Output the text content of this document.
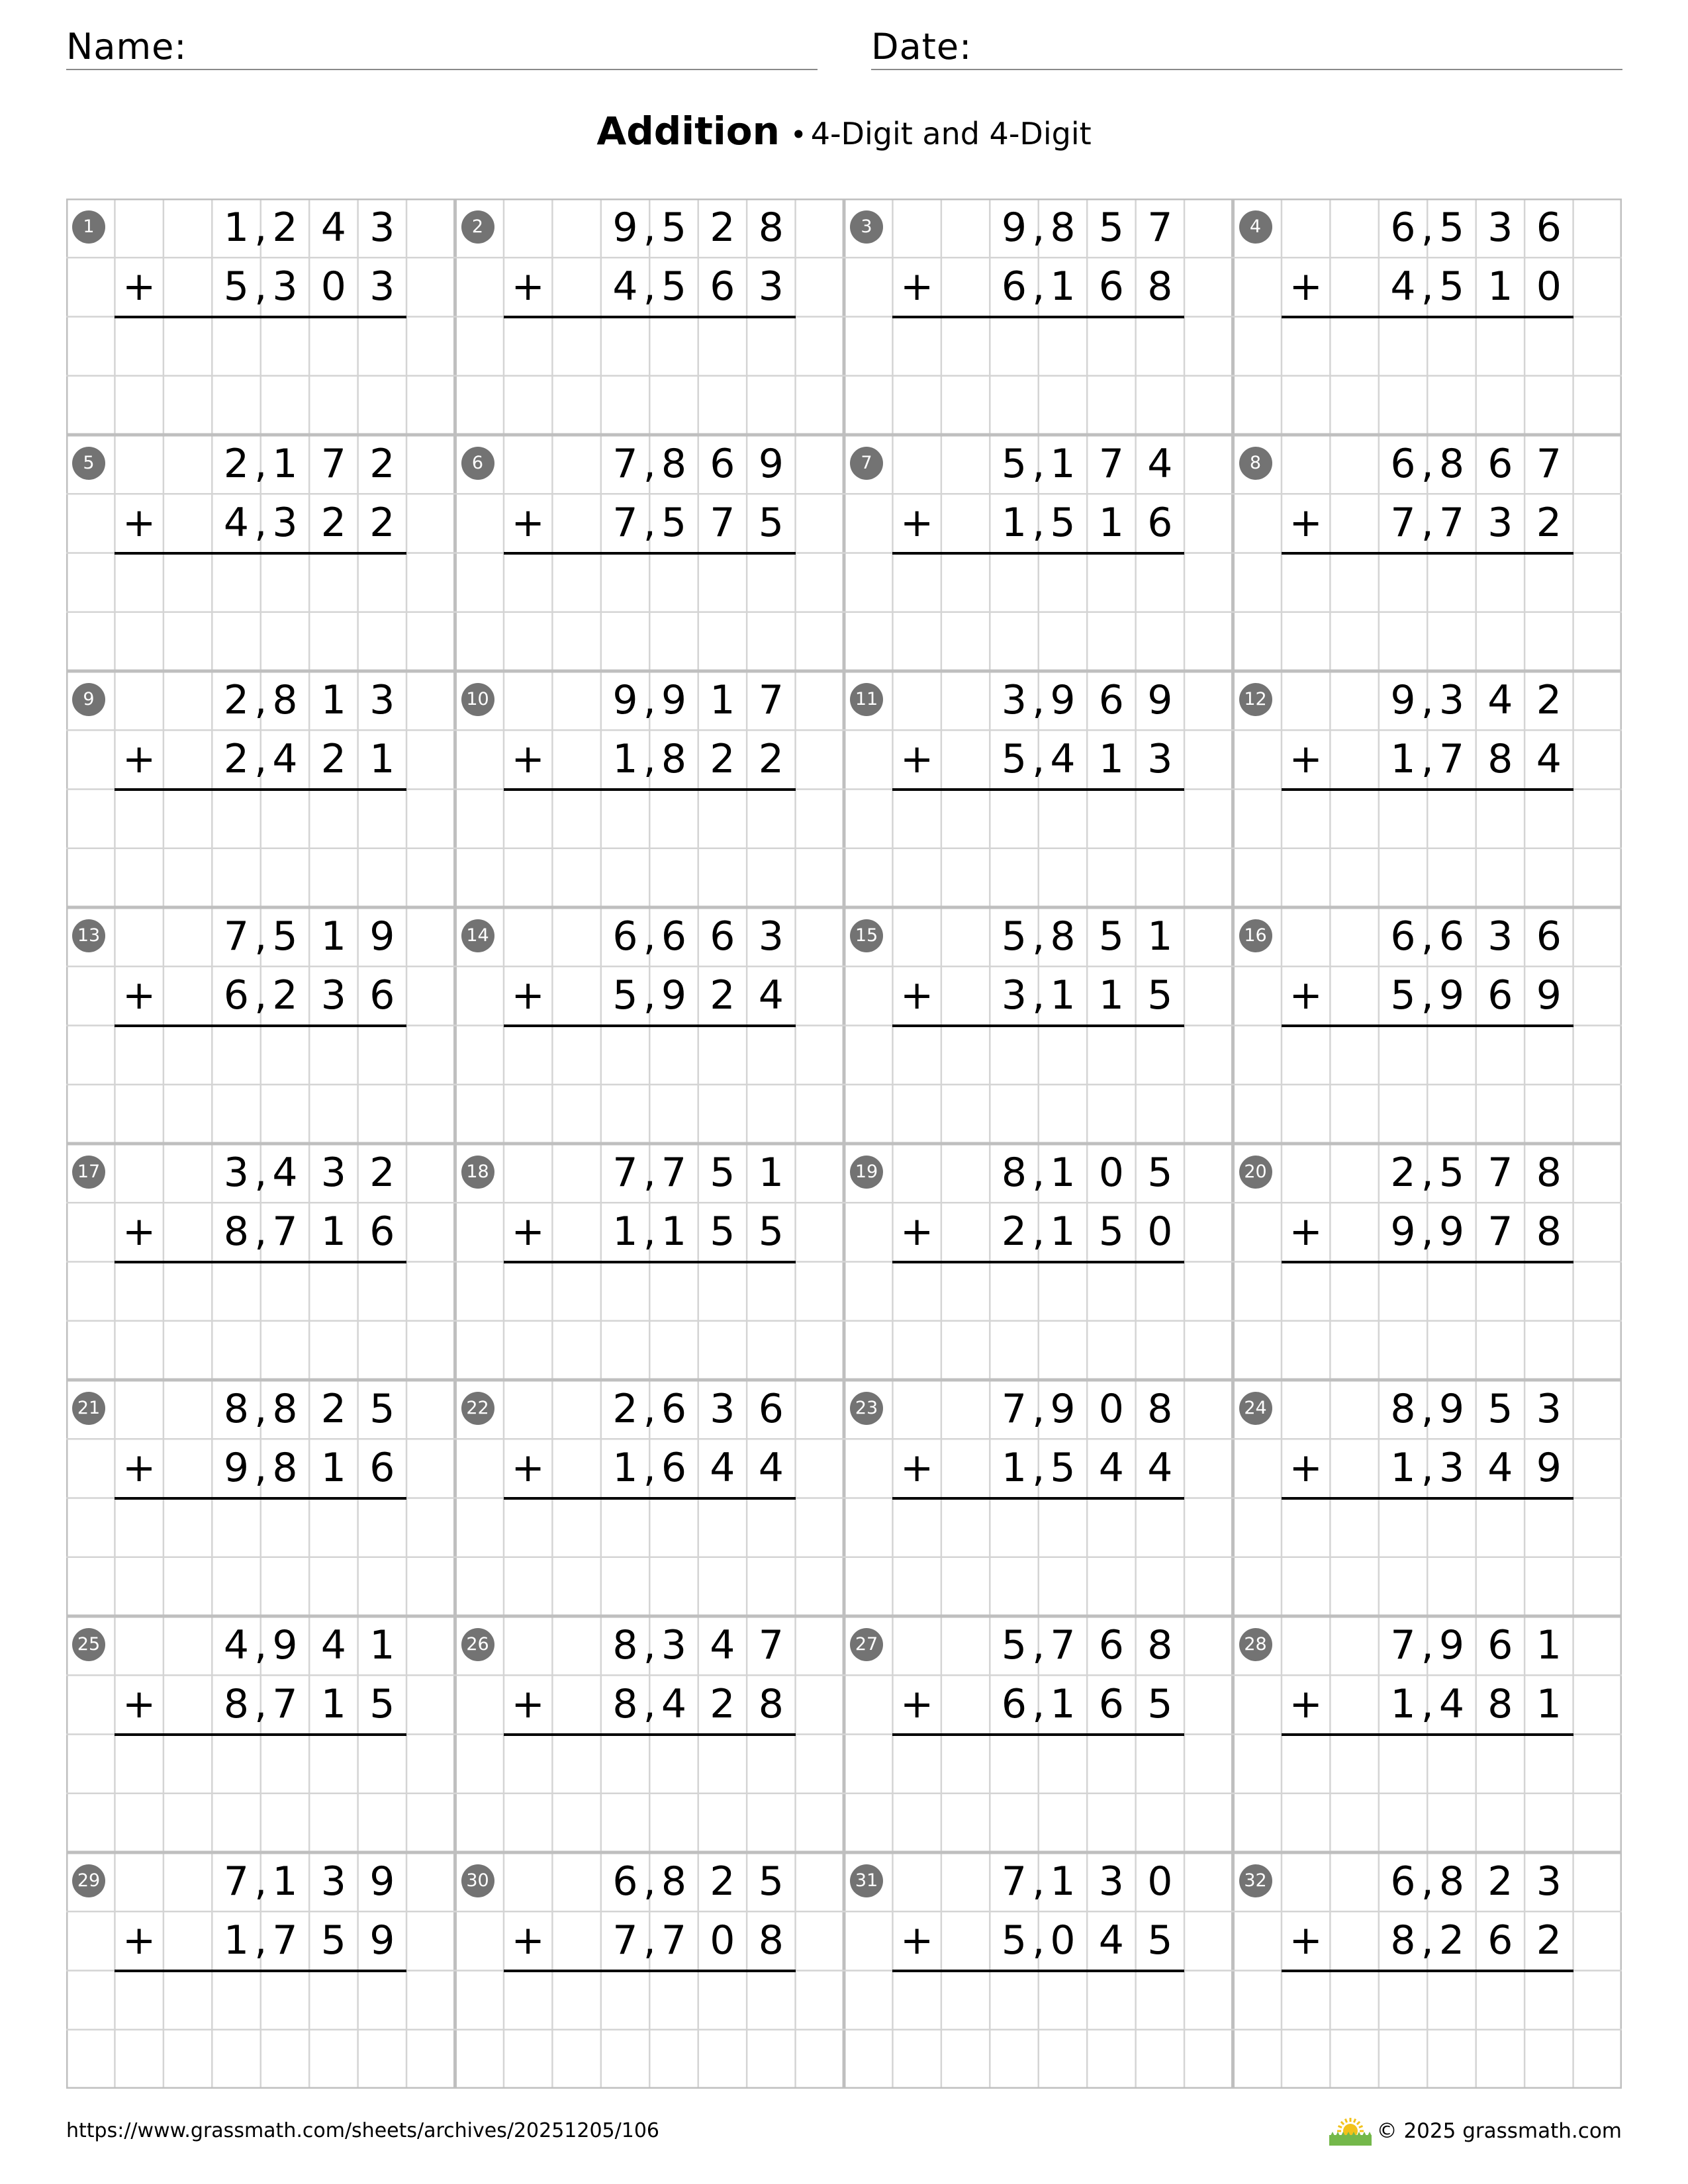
Name:	Date:
Addition • 4-Digit and 4-Digit
1	1 2 4 3
,
5 3 0 3
,
+
2	9 5 2 8
,
4 5 6 3
,
+
3	9 8 5 7
,
6 1 6 8
,
+
4	6 5 3 6
,
4 5 1 0
,
+
5	2 1 7 2
,
4 3 2 2
,
+
6	7 8 6 9
,
7 5 7 5
,
+
7	5 1 7 4
,
1 5 1 6
,
+
8	6 8 6 7
,
7 7 3 2
,
+
9	2 8 1 3
,
2 4 2 1
,
+
10	9 9 1 7
,
1 8 2 2
,
+
11	3 9 6 9
,
5 4 1 3
,
+
12	9 3 4 2
,
1 7 8 4
,
+
13	7 5 1 9
,
6 2 3 6
,
+
14	6 6 6 3
,
5 9 2 4
,
+
15	5 8 5 1
,
3 1 1 5
,
+
16	6 6 3 6
,
5 9 6 9
,
+
17	3 4 3 2
,
8 7 1 6
,
+
18	7 7 5 1
,
1 1 5 5
,
+
19	8 1 0 5
,
2 1 5 0
,
+
20	2 5 7 8
,
9 9 7 8
,
+
21	8 8 2 5
,
9 8 1 6
,
+
22	2 6 3 6
,
1 6 4 4
,
+
23	7 9 0 8
,
1 5 4 4
,
+
24	8 9 5 3
,
1 3 4 9
,
+
25	4 9 4 1
,
8 7 1 5
,
+
26	8 3 4 7
,
8 4 2 8
,
+
27	5 7 6 8
,
6 1 6 5
,
+
28	7 9 6 1
,
1 4 8 1
,
+
29	7 1 3 9
,
1 7 5 9
,
+
30	6 8 2 5
,
7 7 0 8
,
+
31	7 1 3 0
,
5 0 4 5
,
+
32	6 8 2 3
,
8 2 6 2
,
+
https://www.grassmath.com/sheets/archives/20251205/106	© 2025 grassmath.com
